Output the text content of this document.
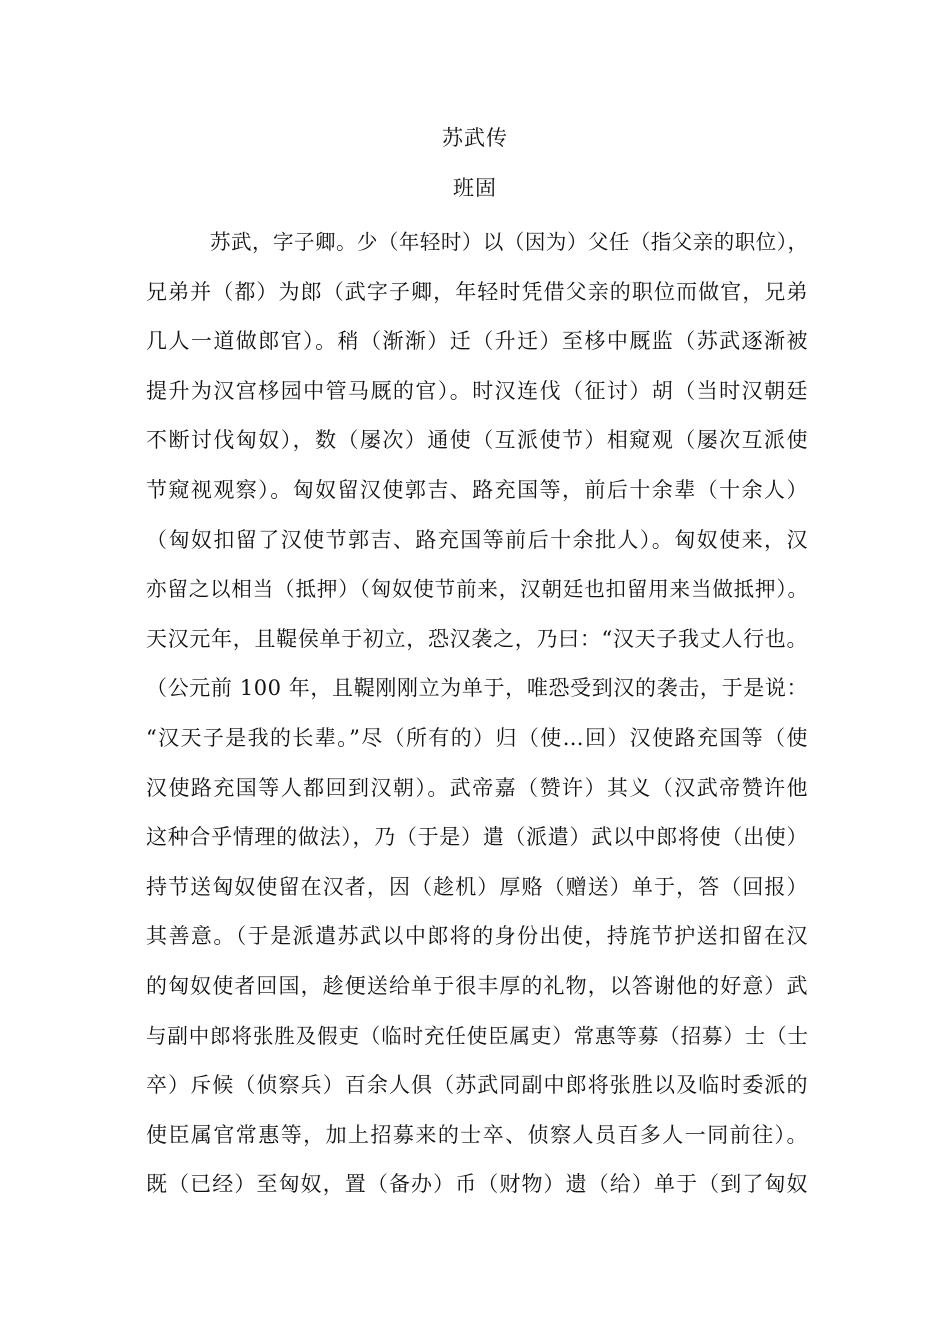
苏武传
班固
苏武，字子卿。少（年轻时）以（因为）父任（指父亲的职位），
兄弟并（都）为郎（武字子卿，年轻时凭借父亲的职位而做官，兄弟
几人一道做郎官）。稍（渐渐）迁（升迁）至栘中厩监（苏武逐渐被
提升为汉宫栘园中管马厩的官）。时汉连伐（征讨）胡（当时汉朝廷
不断讨伐匈奴），数（屡次）通使（互派使节）相窥观（屡次互派使
节窥视观察）。匈奴留汉使郭吉、路充国等，前后十余辈（十余人）
（匈奴扣留了汉使节郭吉、路充国等前后十余批人）。匈奴使来，汉
亦留之以相当（抵押）（匈奴使节前来，汉朝廷也扣留用来当做抵押）。
天汉元年，且鞮侯单于初立，恐汉袭之，乃曰：“汉天子我丈人行也。
（公元前 100 年，且鞮刚刚立为单于，唯恐受到汉的袭击，于是说：
“汉天子是我的长辈。”尽（所有的）归（使…回）汉使路充国等（使
汉使路充国等人都回到汉朝）。武帝嘉（赞许）其义（汉武帝赞许他
这种合乎情理的做法），乃（于是）遣（派遣）武以中郎将使（出使）
持节送匈奴使留在汉者，因（趁机）厚赂（赠送）单于，答（回报）
其善意。（于是派遣苏武以中郎将的身份出使，持旄节护送扣留在汉
的匈奴使者回国，趁便送给单于很丰厚的礼物，以答谢他的好意）武
与副中郎将张胜及假吏（临时充任使臣属吏）常惠等募（招募）士（士
卒）斥候（侦察兵）百余人俱（苏武同副中郎将张胜以及临时委派的
使臣属官常惠等，加上招募来的士卒、侦察人员百多人一同前往）。
既（已经）至匈奴，置（备办）币（财物）遗（给）单于（到了匈奴
